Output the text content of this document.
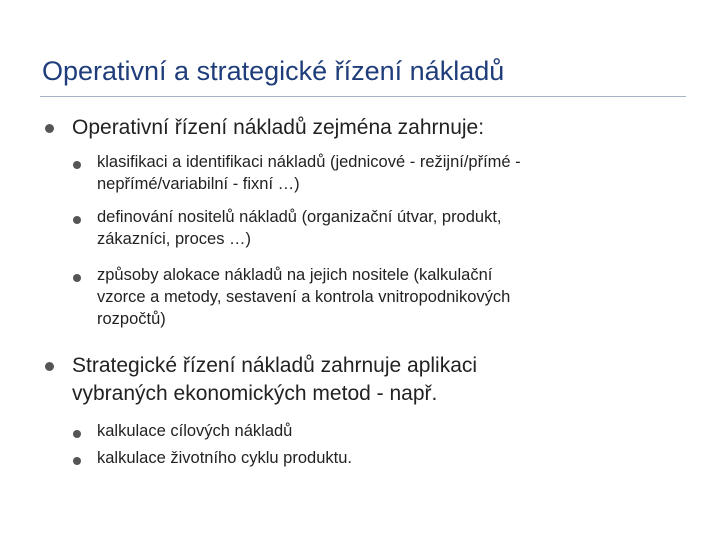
Operativní a strategické řízení nákladů
Operativní řízení nákladů zejména zahrnuje:
klasifikaci a identifikaci nákladů (jednicové - režijní/přímé -
nepřímé/variabilní - fixní …)
definování nositelů nákladů (organizační útvar, produkt,
zákazníci, proces …)
způsoby alokace nákladů na jejich nositele (kalkulační
vzorce a metody, sestavení a kontrola vnitropodnikových
rozpočtů)
Strategické řízení nákladů zahrnuje aplikaci
vybraných ekonomických metod - např.
kalkulace cílových nákladů
kalkulace životního cyklu produktu.
